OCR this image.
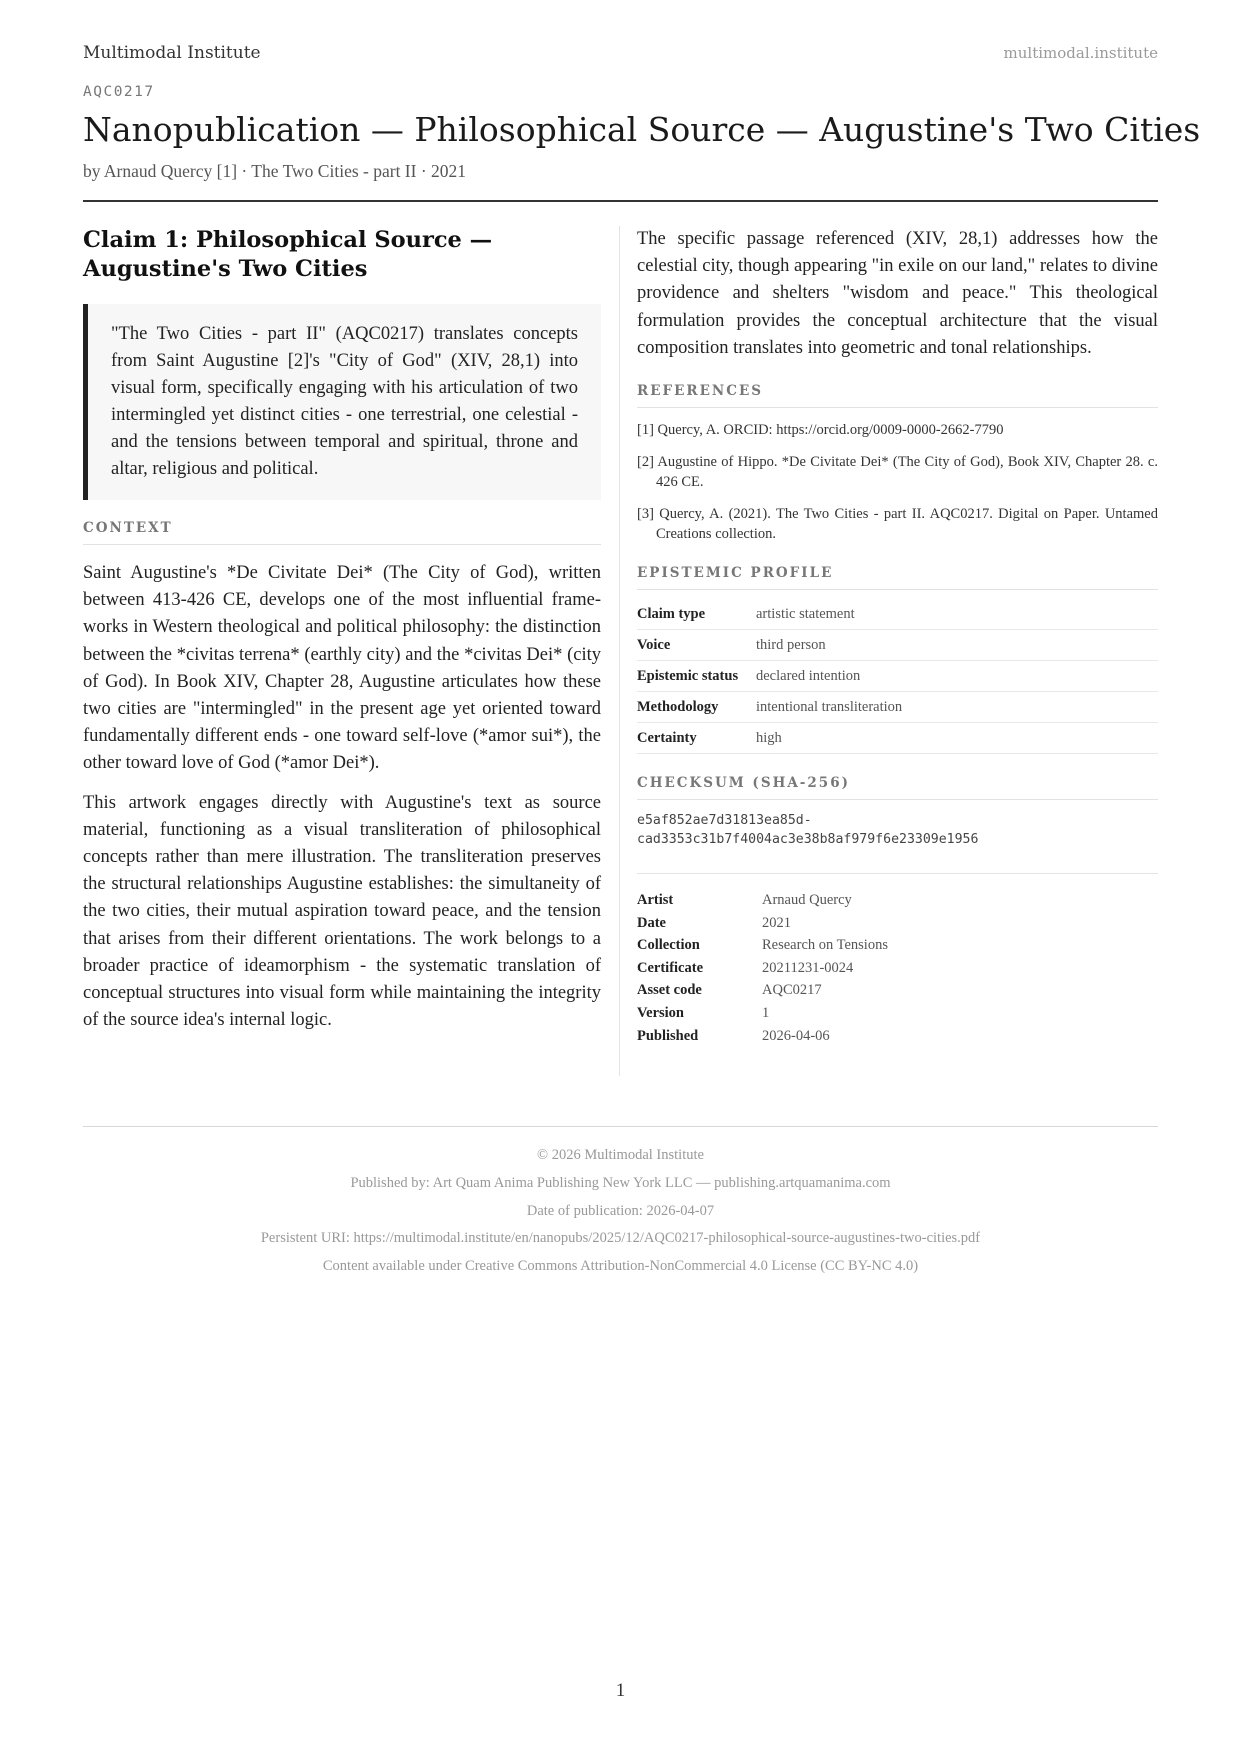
Multimodal Institute	multimodal.institute
AQC0217
Nanopublication — Philosophical Source — Augustine's Two Cities
by Arnaud Quercy [1] · The Two Cities - part II · 2021
Claim 1: Philosophical Source — Augustine's Two Cities
"The Two Cities - part II" (AQC0217) translates concepts from Saint Augustine [2]'s "City of God" (XIV, 28,1) into visual form, specifically engaging with his articulation of two intermingled yet distinct cities - one terrestrial, one celestial - and the tensions between temporal and spiritual, throne and altar, religious and political.
CONTEXT

Saint Augustine's *De Civitate Dei* (The City of God), written between 413-426 CE, develops one of the most influential frameworks in Western theological and political philosophy: the distinction between the *civitas terrena* (earthly city) and the *civitas Dei* (city of God). In Book XIV, Chapter 28, Augustine articulates how these two cities are "intermingled" in the present age yet oriented toward fundamentally different ends - one toward self-love (*amor sui*), the other toward love of God (*amor Dei*).

This artwork engages directly with Augustine's text as source material, functioning as a visual transliteration of philosophical concepts rather than mere illustration. The transliteration preserves the structural relationships Augustine establishes: the simultaneity of the two cities, their mutual aspiration toward peace, and the tension that arises from their different orientations. The work belongs to a broader practice of ideamorphism - the systematic translation of conceptual structures into visual form while maintaining the integrity of the source idea's internal logic.

The specific passage referenced (XIV, 28,1) addresses how the celestial city, though appearing "in exile on our land," relates to divine providence and shelters "wisdom and peace." This theological formulation provides the conceptual architecture that the visual composition translates into geometric and tonal relationships.

REFERENCES
[1] Quercy, A. ORCID: https://orcid.org/0009-0000-2662-7790
[2] Augustine of Hippo. *De Civitate Dei* (The City of God), Book XIV, Chapter 28. c. 426 CE.
[3] Quercy, A. (2021). The Two Cities - part II. AQC0217. Digital on Paper. Untamed Creations collection.
EPISTEMIC PROFILE
Claim type	artistic statement
Voice	third person
Epistemic status	declared intention
Methodology	intentional transliteration
Certainty	high
CHECKSUM (SHA-256)
e5af852ae7d31813ea85d-
cad3353c31b7f4004ac3e38b8af979f6e23309e1956
Artist	Arnaud Quercy
Date	2021
Collection	Research on Tensions
Certificate	20211231-0024
Asset code	AQC0217
Version	1
Published	2026-04-06
© 2026 Multimodal Institute
Published by: Art Quam Anima Publishing New York LLC — publishing.artquamanima.com
Date of publication: 2026-04-07
Persistent URI: https://multimodal.institute/en/nanopubs/2025/12/AQC0217-philosophical-source-augustines-two-cities.pdf
Content available under Creative Commons Attribution-NonCommercial 4.0 License (CC BY-NC 4.0)
1
